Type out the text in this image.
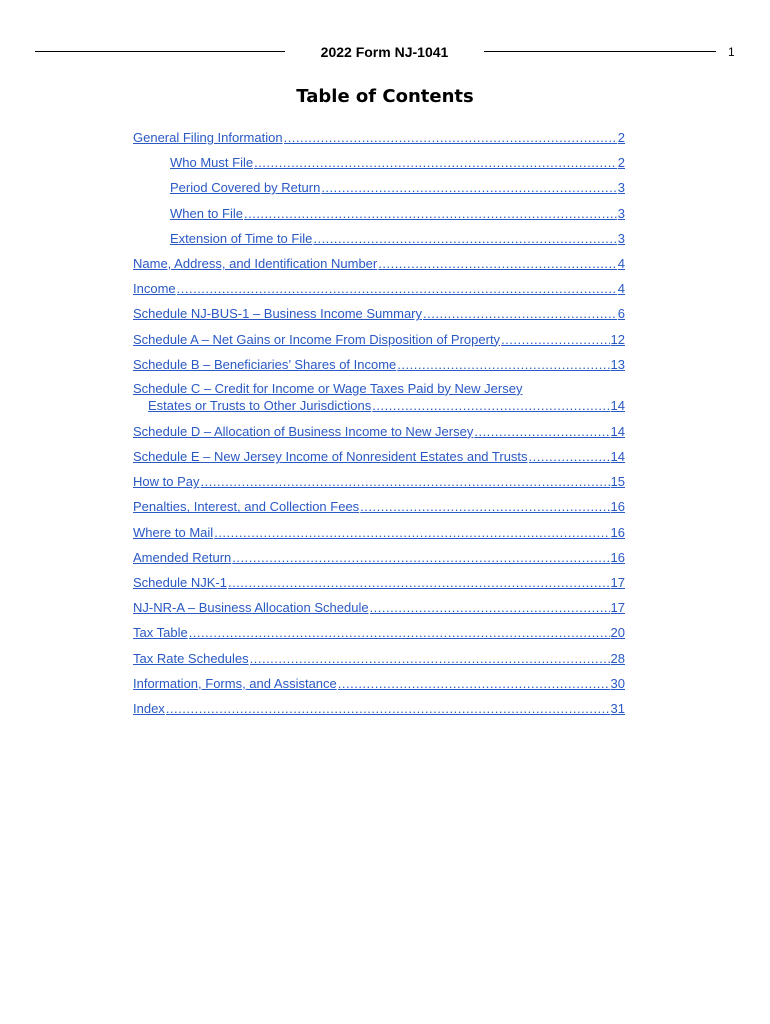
2022 Form NJ-1041	1
Table of Contents
General Filing Information .....	2
Who Must File .....	2
Period Covered by Return .....	3
When to File .....	3
Extension of Time to File .....	3
Name, Address, and Identification Number .....	4
Income .....	4
Schedule NJ-BUS-1 – Business Income Summary .....	6
Schedule A – Net Gains or Income From Disposition of Property .....	12
Schedule B – Beneficiaries’ Shares of Income .....	13
Schedule C – Credit for Income or Wage Taxes Paid by New Jersey
Estates or Trusts to Other Jurisdictions .....	14
Schedule D – Allocation of Business Income to New Jersey .....	14
Schedule E – New Jersey Income of Nonresident Estates and Trusts .....	14
How to Pay .....	15
Penalties, Interest, and Collection Fees .....	16
Where to Mail .....	16
Amended Return .....	16
Schedule NJK-1 .....	17
NJ-NR-A – Business Allocation Schedule .....	17
Tax Table .....	20
Tax Rate Schedules .....	28
Information, Forms, and Assistance .....	30
Index .....	31
